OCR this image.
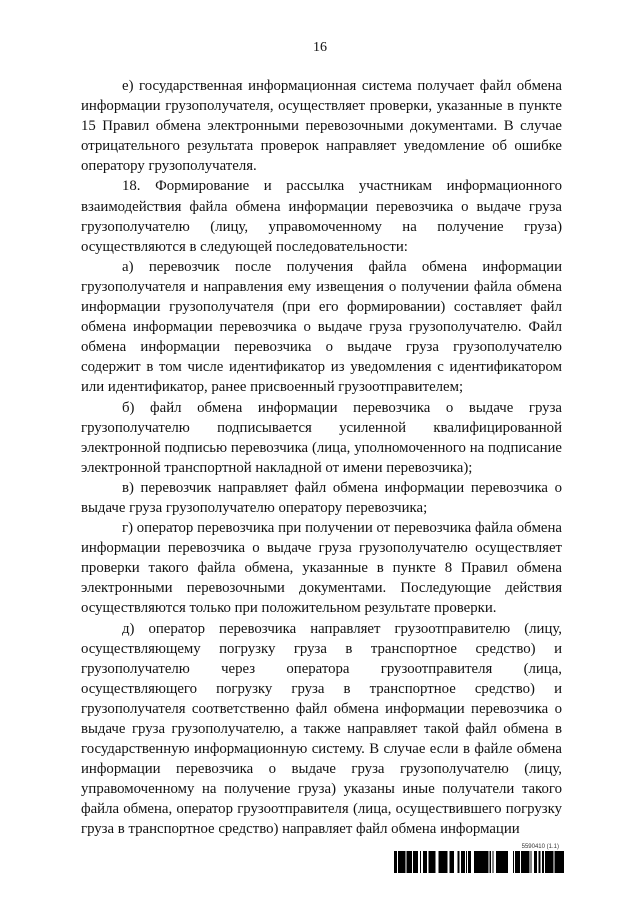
16

е) государственная информационная система получает файл обмена информации грузополучателя, осуществляет проверки, указанные в пункте 15 Правил обмена электронными перевозочными документами. В случае отрицательного результата проверок направляет уведомление об ошибке оператору грузополучателя.

18. Формирование и рассылка участникам информационного взаимодействия файла обмена информации перевозчика о выдаче груза грузополучателю (лицу, управомоченному на получение груза) осуществляются в следующей последовательности:

а) перевозчик после получения файла обмена информации грузополучателя и направления ему извещения о получении файла обмена информации грузополучателя (при его формировании) составляет файл обмена информации перевозчика о выдаче груза грузополучателю. Файл обмена информации перевозчика о выдаче груза грузополучателю содержит в том числе идентификатор из уведомления с идентификатором или идентификатор, ранее присвоенный грузоотправителем;

б) файл обмена информации перевозчика о выдаче груза грузополучателю подписывается усиленной квалифицированной электронной подписью перевозчика (лица, уполномоченного на подписание электронной транспортной накладной от имени перевозчика);

в) перевозчик направляет файл обмена информации перевозчика о выдаче груза грузополучателю оператору перевозчика;

г) оператор перевозчика при получении от перевозчика файла обмена информации перевозчика о выдаче груза грузополучателю осуществляет проверки такого файла обмена, указанные в пункте 8 Правил обмена электронными перевозочными документами. Последующие действия осуществляются только при положительном результате проверки.

д) оператор перевозчика направляет грузоотправителю (лицу, осуществляющему погрузку груза в транспортное средство) и грузополучателю через оператора грузоотправителя (лица, осуществляющего погрузку груза в транспортное средство) и грузополучателя соответственно файл обмена информации перевозчика о выдаче груза грузополучателю, а также направляет такой файл обмена в государственную информационную систему. В случае если в файле обмена информации перевозчика о выдаче груза грузополучателю (лицу, управомоченному на получение груза) указаны иные получатели такого файла обмена, оператор грузоотправителя (лица, осуществившего погрузку груза в транспортное средство) направляет файл обмена информации

5590410 (1.1)
